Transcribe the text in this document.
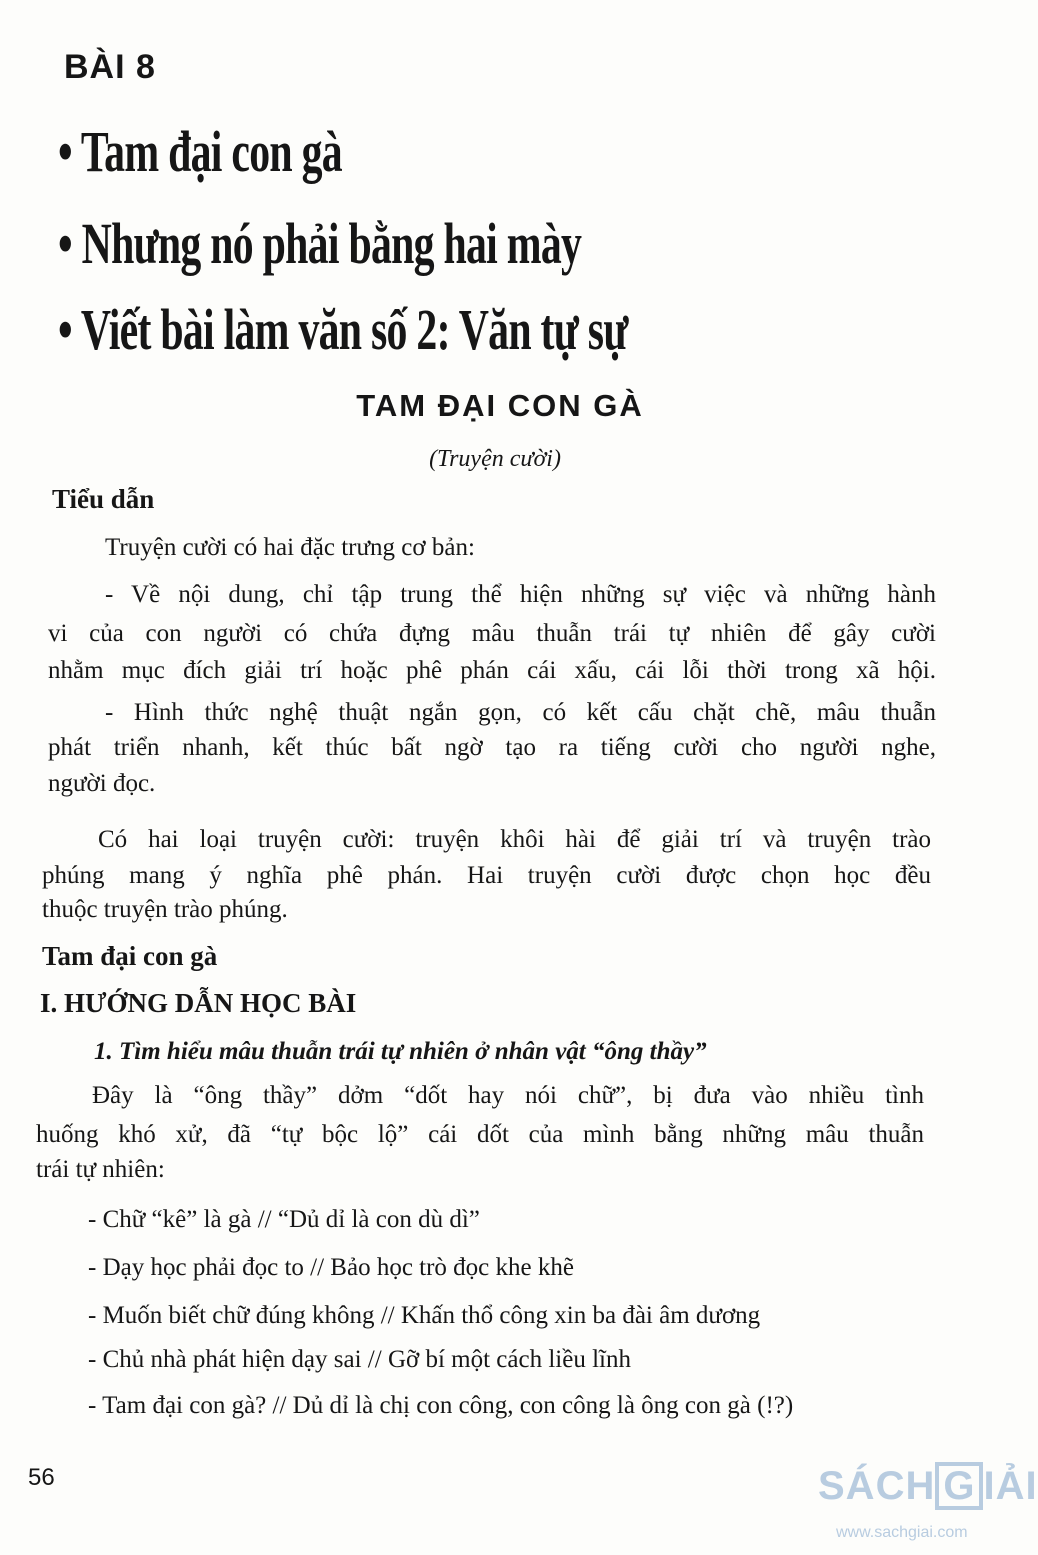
BÀI 8
• Tam đại con gà
• Nhưng nó phải bằng hai mày
• Viết bài làm văn số 2: Văn tự sự
TAM ĐẠI CON GÀ
(Truyện cười)
Tiểu dẫn
Truyện cười có hai đặc trưng cơ bản:
- Về nội dung, chỉ tập trung thể hiện những sự việc và những hành
vi của con người có chứa đựng mâu thuẫn trái tự nhiên để gây cười
nhằm mục đích giải trí hoặc phê phán cái xấu, cái lỗi thời trong xã hội.
- Hình thức nghệ thuật ngắn gọn, có kết cấu chặt chẽ, mâu thuẫn
phát triển nhanh, kết thúc bất ngờ tạo ra tiếng cười cho người nghe,
người đọc.
Có hai loại truyện cười: truyện khôi hài để giải trí và truyện trào
phúng mang ý nghĩa phê phán. Hai truyện cười được chọn học đều
thuộc truyện trào phúng.
Tam đại con gà
I. HƯỚNG DẪN HỌC BÀI
1. Tìm hiểu mâu thuẫn trái tự nhiên ở nhân vật “ông thầy”
Đây là “ông thầy” dởm “dốt hay nói chữ”, bị đưa vào nhiều tình
huống khó xử, đã “tự bộc lộ” cái dốt của mình bằng những mâu thuẫn
trái tự nhiên:
- Chữ “kê” là gà // “Dủ dỉ là con dù dì”
- Dạy học phải đọc to // Bảo học trò đọc khe khẽ
- Muốn biết chữ đúng không // Khấn thổ công xin ba đài âm dương
- Chủ nhà phát hiện dạy sai // Gỡ bí một cách liều lĩnh
- Tam đại con gà? // Dủ dỉ là chị con công, con công là ông con gà (!?)
56	SÁCH G IẢI
www.sachgiai.com
